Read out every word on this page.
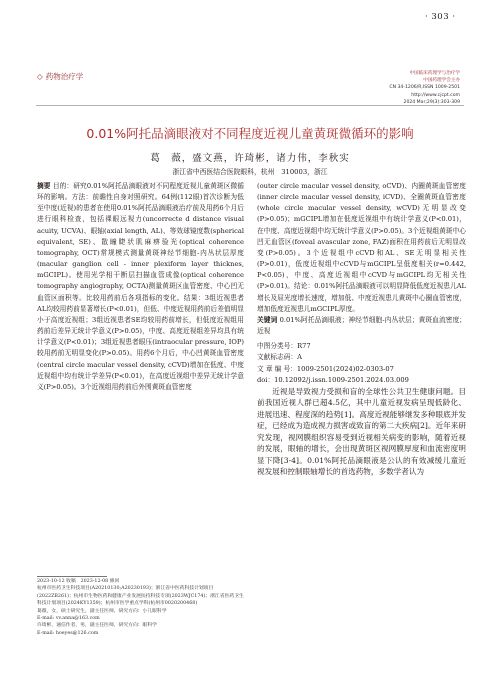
· 303 ·
◇ 药物治疗学	中国临床药理学与治疗学
中国药理学会主办
CN 34-1206/R,ISSN 1009-2501
http://www.cjcpt.com
2024 Mar;29(3):303-309
0.01%阿托品滴眼液对不同程度近视儿童黄斑微循环的影响
葛　薇，盛文燕，许琦彬，诸力伟，李秋实
浙江省中西医结合医院眼科，杭州　310003，浙江

摘要 目的：研究0.01%阿托品滴眼液对不同程度近视儿童黄斑区微循环的影响。方法：前瞻性自身对照研究。64例(112眼)首次诊断为低至中度(近视)的患者在使用0.01%阿托品滴眼液治疗前及用药6个月后进行眼科检查，包括裸眼远视力(uncorrecte d distance visual acuity, UCVA)、眼轴(axial length, AL)、等效球镜度数(spherical equivalent, SE)、散瞳睫状肌麻痹验光(optical coherence tomography, OCT)常规模式测量黄斑神经节细胞-内丛状层厚度(macular ganglion cell - inner plexiform layer thicknes, mGCIPL)。使用光学相干断层扫描血管成像(optical coherence tomography angiography, OCTA)测量黄斑区血管密度、中心凹无血管区面积等。比较用药前后各项指标的变化。结果：3组近视患者AL均较用药前显著增长(P<0.01)，但低、中度近视用药前后差值明显小于高度近视组；3组近视患者SE均较用药前增长，但低度近视组用药前后差异无统计学意义(P>0.05)，中度、高度近视组差异均具有统计学意义(P<0.01)；3组近视患者眼压(intraocular pressure, IOP)较用药前无明显变化(P>0.05)。用药6个月后，中心凹黄斑血管密度(central circle macular vessel density, cCVD)增加在低度、中度近视组中均有统计学差异(P<0.01)，在高度近视组中差异无统计学意义(P>0.05)。3个近视组用药前后外围黄斑血管密度

(outer circle macular vessel density, oCVD)、内圈黄斑血管密度(inner circle macular vessel density, iCVD)、全圈黄斑血管密度(whole circle macular vessel density, wCVD)无明显改变(P>0.05)；mGCIPL增加在低度近视组中有统计学意义(P<0.01)，在中度、高度近视组中均无统计学意义(P>0.05)。3个近视组黄斑中心凹无血管区(foveal avascular zone, FAZ)面积在用药前后无明显改变(P>0.05)。3个近视组中cCVD和AL、SE无明显相关性(P>0.01)，低度近视组中cCVD与mGCIPL呈低度相关(r=0.442, P<0.05)，中度、高度近视组中cCVD与mGCIPL均无相关性(P>0.01)。结论：0.01%阿托品滴眼液可以明显降低低度近视患儿AL增长及屈光度增长速度，增加低、中度近视患儿黄斑中心圈血管密度，增加低度近视患儿mGCIPL厚度。

关键词 0.01%阿托品滴眼液；神经节细胞-内丛状层；黄斑血流密度；近视

中图分类号：R77
文献标志码：A
文 章 编 号：1009-2501(2024)02-0303-07
doi：10.12092/j.issn.1009-2501.2024.03.009

近视是导致视力受损和盲的全球性公共卫生健康问题。目前我国近视人群已超4.5亿，其中儿童近视发病呈现低龄化、进展迅速、程度深的趋势[1]。高度近视能够继发多种眼底并发症，已经成为造成视力损害或致盲的第二大疾病[2]。近年来研究发现，视网膜组织容易受到近视相关病变的影响，随着近视的发展，眼轴的增长，会出现黄斑区视网膜厚度和血流密度明显下降[3-4]。0.01%阿托品滴眼液是公认的有效减缓儿童近视发展和控制眼轴增长的首选药物，多数学者认为

2023-10-12 收稿　2023-12-08 修回
杭州市医药卫生科技项目(A20210130;A20230193)；浙江省中医药科技计划项目(2022ZB261)；杭州市生物医药和健康产业发展扶持科技专项(2023WJC174)；浙江省医药卫生科技计划项目(2024KY1359)；杭州市医学重点学科(杭州市0020200468)
葛薇，女，硕士研究生，副主任医师，研究方向：小儿眼科学
E-mail: vv.anna@163.com
许琦彬，通信作者，男，副主任医师，研究方向：眼科学
E-mail: hoeyes@126.com
